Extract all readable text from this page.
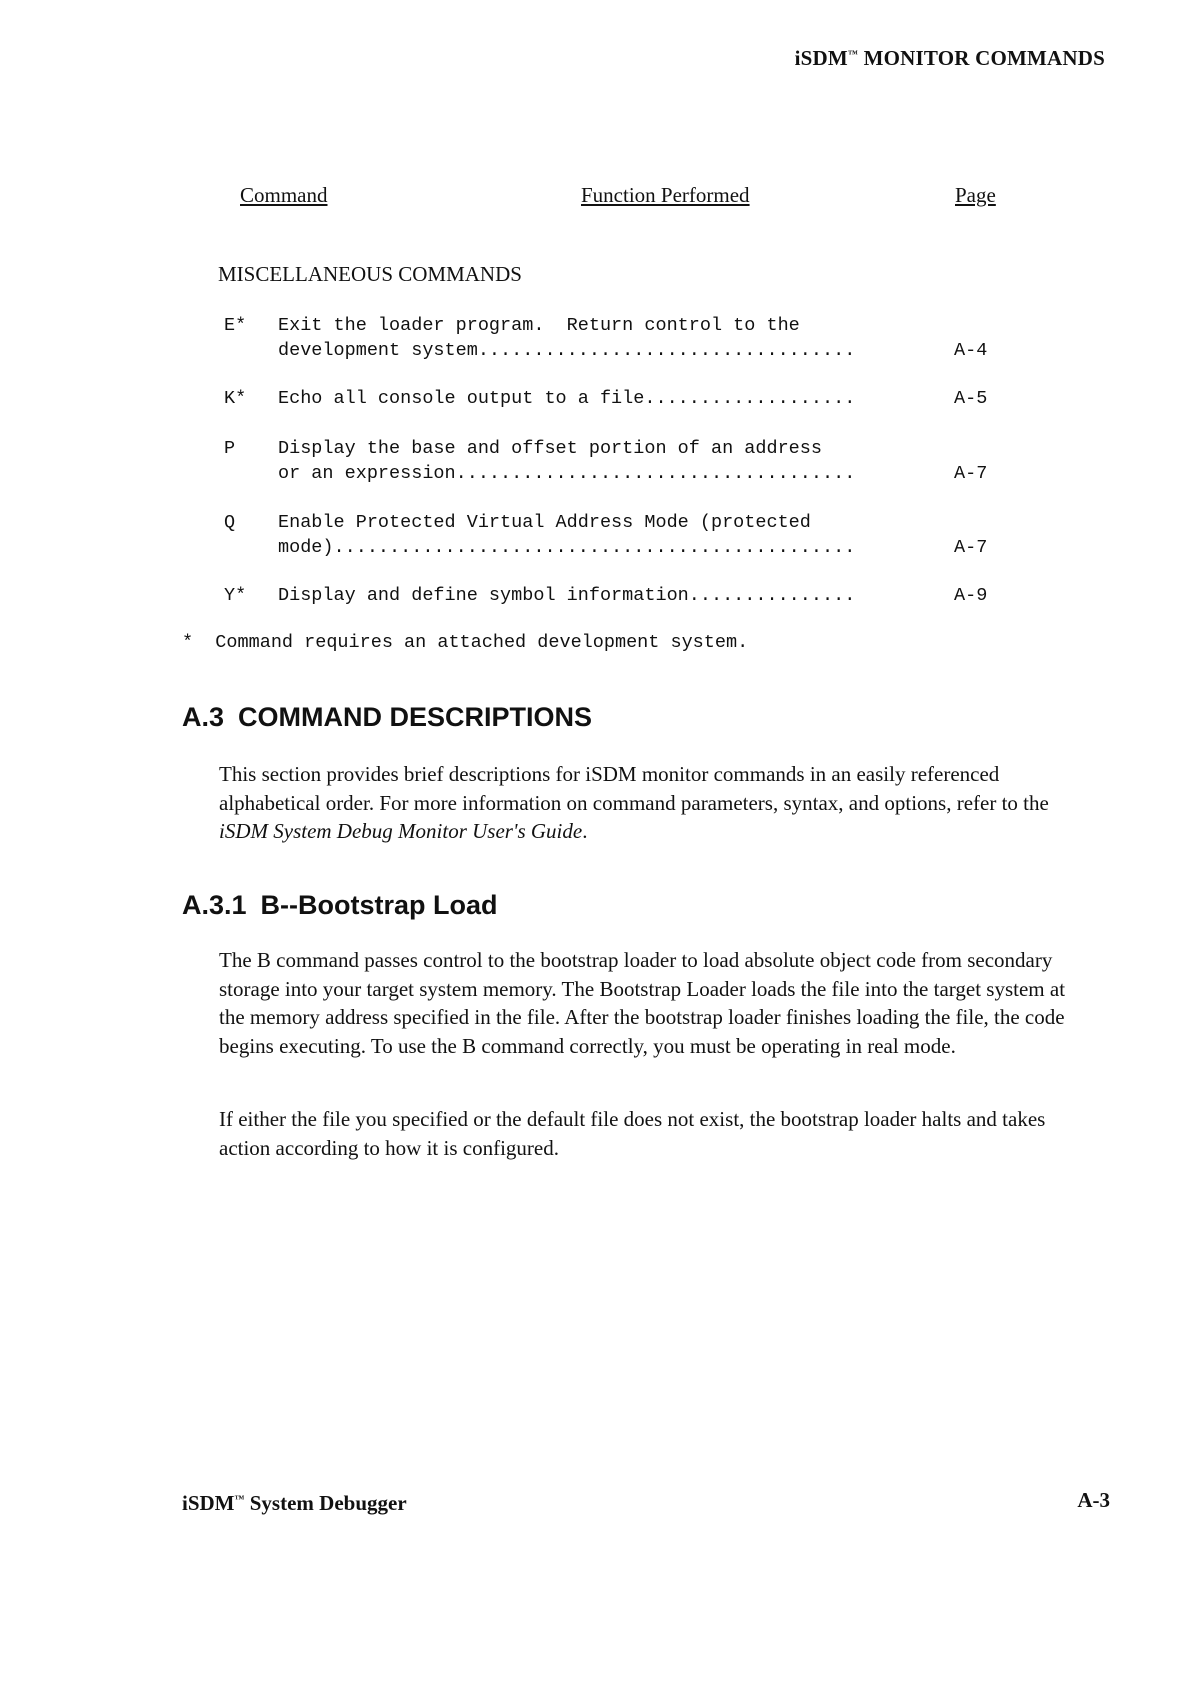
iSDM™ MONITOR COMMANDS
Command	Function Performed	Page
MISCELLANEOUS COMMANDS
E*	Exit the loader program.  Return control to the
development system..................................	A-4
K*	Echo all console output to a file...................	A-5
P	Display the base and offset portion of an address
or an expression....................................	A-7
Q	Enable Protected Virtual Address Mode (protected
mode)...............................................	A-7
Y*	Display and define symbol information...............	A-9
*  Command requires an attached development system.
A.3 COMMAND DESCRIPTIONS
This section provides brief descriptions for iSDM monitor commands in an easily referenced alphabetical order. For more information on command parameters, syntax, and options, refer to the iSDM System Debug Monitor User's Guide.
A.3.1 B--Bootstrap Load
The B command passes control to the bootstrap loader to load absolute object code from secondary storage into your target system memory. The Bootstrap Loader loads the file into the target system at the memory address specified in the file. After the bootstrap loader finishes loading the file, the code begins executing. To use the B command correctly, you must be operating in real mode.
If either the file you specified or the default file does not exist, the bootstrap loader halts and takes action according to how it is configured.
iSDM™ System Debugger	A-3
